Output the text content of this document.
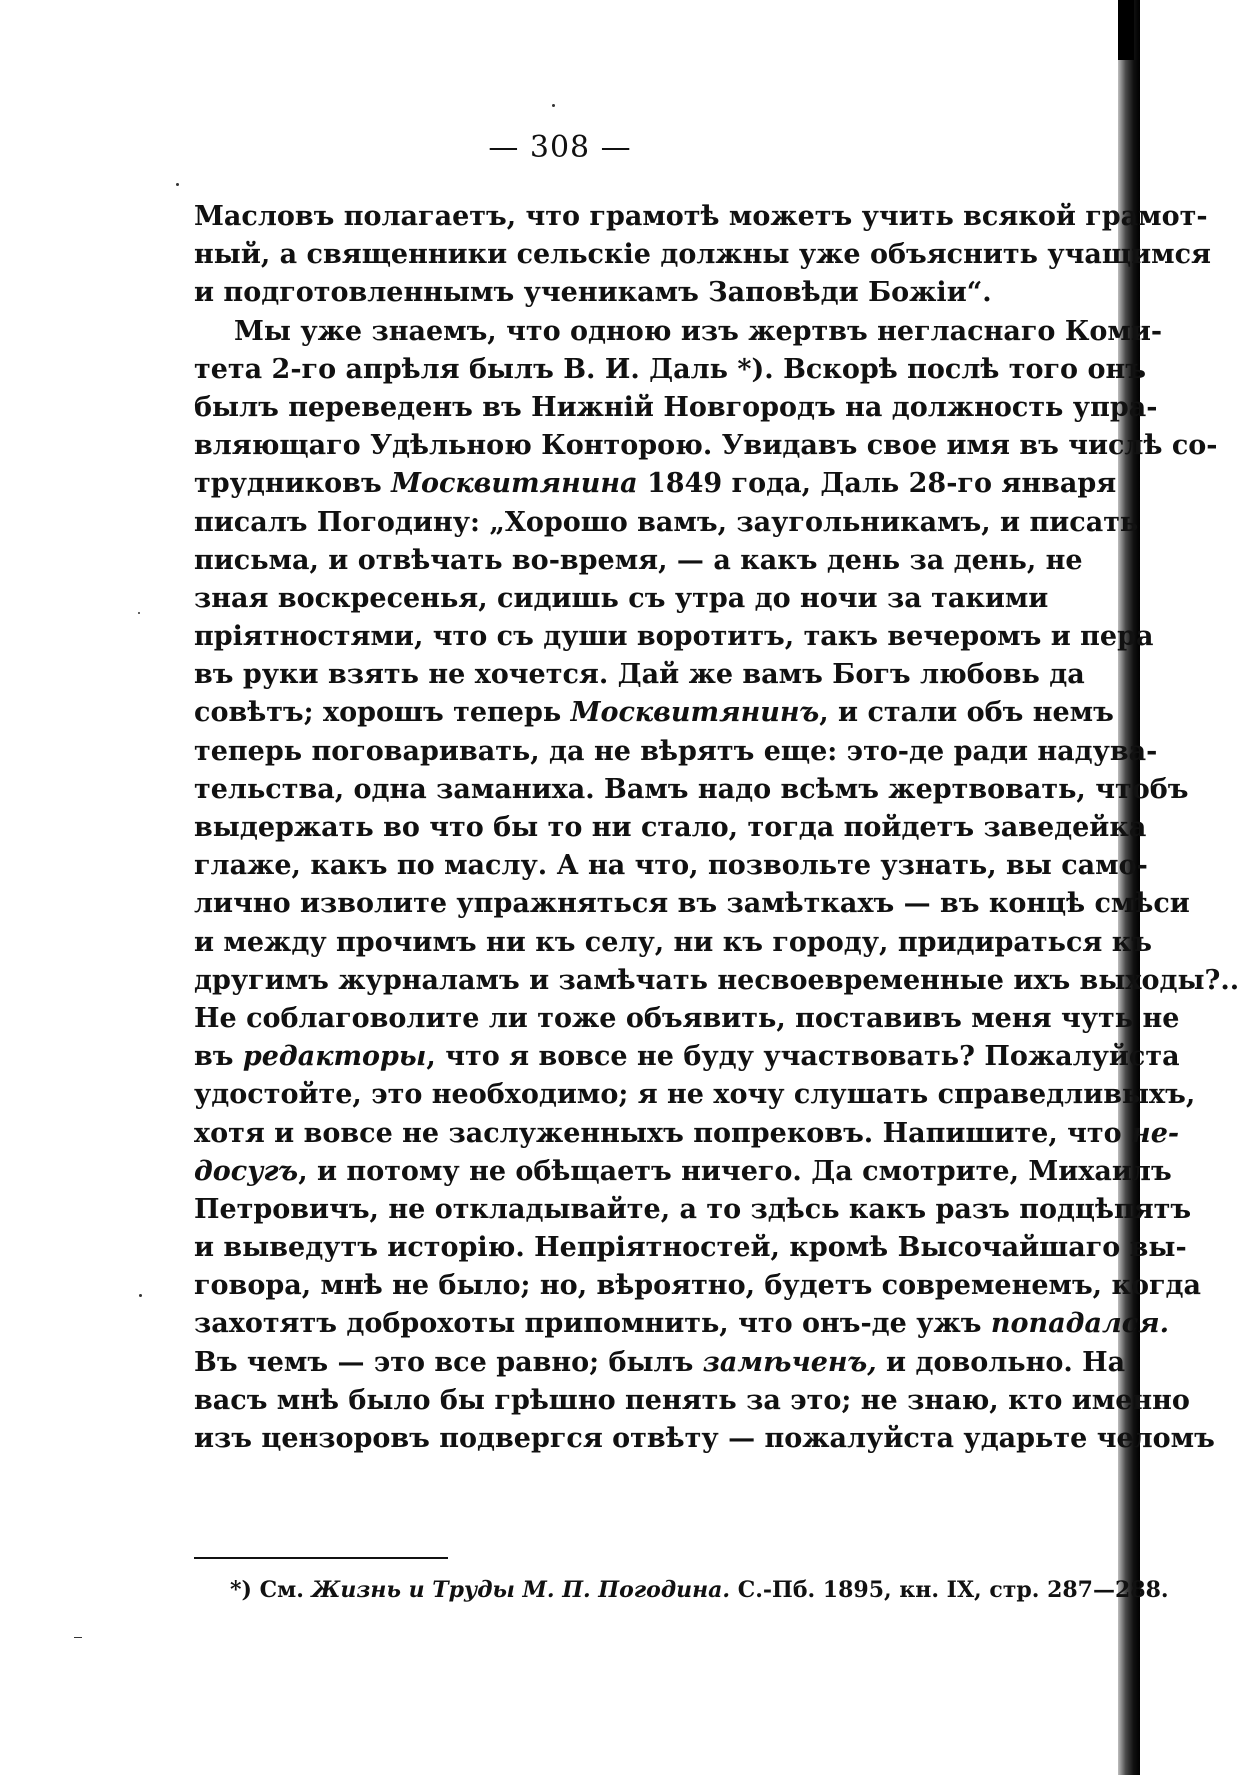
— 308 —
Масловъ полагаетъ, что грамотѣ можетъ учить всякой грамот-
ный, а священники сельскіе должны уже объяснить учащимся
и подготовленнымъ ученикамъ Заповѣди Божіи“.
Мы уже знаемъ, что одною изъ жертвъ негласнаго Коми-
тета 2-го апрѣля былъ В. И. Даль *). Вскорѣ послѣ того онъ
былъ переведенъ въ Нижній Новгородъ на должность упра-
вляющаго Удѣльною Конторою. Увидавъ свое имя въ числѣ со-
трудниковъ Москвитянина 1849 года, Даль 28-го января
писалъ Погодину: „Хорошо вамъ, заугольникамъ, и писать
письма, и отвѣчать во-время, — а какъ день за день, не
зная воскресенья, сидишь съ утра до ночи за такими
пріятностями, что съ души воротитъ, такъ вечеромъ и пера
въ руки взять не хочется. Дай же вамъ Богъ любовь да
совѣтъ; хорошъ теперь Москвитянинъ, и стали объ немъ
теперь поговаривать, да не вѣрятъ еще: это-де ради надува-
тельства, одна заманиха. Вамъ надо всѣмъ жертвовать, чтобъ
выдержать во что бы то ни стало, тогда пойдетъ заведейка
глаже, какъ по маслу. А на что, позвольте узнать, вы само-
лично изволите упражняться въ замѣткахъ — въ концѣ смѣси
и между прочимъ ни къ селу, ни къ городу, придираться къ
другимъ журналамъ и замѣчать несвоевременные ихъ выходы?..
Не соблаговолите ли тоже объявить, поставивъ меня чуть не
въ редакторы, что я вовсе не буду участвовать? Пожалуйста
удостойте, это необходимо; я не хочу слушать справедливыхъ,
хотя и вовсе не заслуженныхъ попрековъ. Напишите, что не-
досугъ, и потому не обѣщаетъ ничего. Да смотрите, Михаилъ
Петровичъ, не откладывайте, а то здѣсь какъ разъ подцѣпятъ
и выведутъ исторію. Непріятностей, кромѣ Высочайшаго вы-
говора, мнѣ не было; но, вѣроятно, будетъ современемъ, когда
захотятъ доброхоты припомнить, что онъ-де ужъ попадался.
Въ чемъ — это все равно; былъ замѣченъ, и довольно. На
васъ мнѣ было бы грѣшно пенять за это; не знаю, кто именно
изъ цензоровъ подвергся отвѣту — пожалуйста ударьте челомъ
*) См. Жизнь и Труды М. П. Погодина. С.-Пб. 1895, кн. IX, стр. 287—288.
